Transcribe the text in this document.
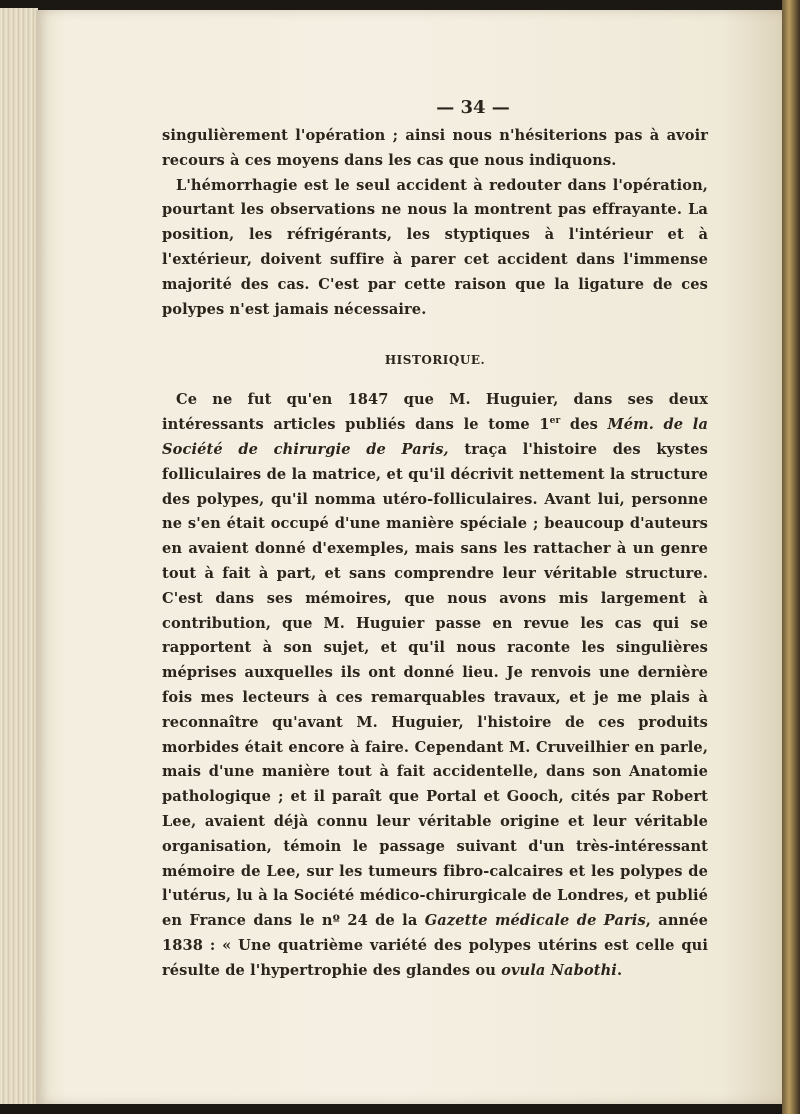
— 34 —

singulièrement l'opération ; ainsi nous n'hésiterions pas à avoir recours à ces moyens dans les cas que nous indiquons.

L'hémorrhagie est le seul accident à redouter dans l'opération, pourtant les observations ne nous la montrent pas effrayante. La position, les réfrigérants, les styptiques à l'intérieur et à l'extérieur, doivent suffire à parer cet accident dans l'immense majorité des cas. C'est par cette raison que la ligature de ces polypes n'est jamais nécessaire.

HISTORIQUE.

Ce ne fut qu'en 1847 que M. Huguier, dans ses deux intéressants articles publiés dans le tome 1er des Mém. de la Société de chirurgie de Paris, traça l'histoire des kystes folliculaires de la matrice, et qu'il décrivit nettement la structure des polypes, qu'il nomma utéro-folliculaires. Avant lui, personne ne s'en était occupé d'une manière spéciale ; beaucoup d'auteurs en avaient donné d'exemples, mais sans les rattacher à un genre tout à fait à part, et sans comprendre leur véritable structure. C'est dans ses mémoires, que nous avons mis largement à contribution, que M. Huguier passe en revue les cas qui se rapportent à son sujet, et qu'il nous raconte les singulières méprises auxquelles ils ont donné lieu. Je renvois une dernière fois mes lecteurs à ces remarquables travaux, et je me plais à reconnaître qu'avant M. Huguier, l'histoire de ces produits morbides était encore à faire. Cependant M. Cruveilhier en parle, mais d'une manière tout à fait accidentelle, dans son Anatomie pathologique ; et il paraît que Portal et Gooch, cités par Robert Lee, avaient déjà connu leur véritable origine et leur véritable organisation, témoin le passage suivant d'un très-intéressant mémoire de Lee, sur les tumeurs fibro-calcaires et les polypes de l'utérus, lu à la Société médico-chirurgicale de Londres, et publié en France dans le nº 24 de la Gazette médicale de Paris, année 1838 : « Une quatrième variété des polypes utérins est celle qui résulte de l'hypertrophie des glandes ou ovula Nabothi.
